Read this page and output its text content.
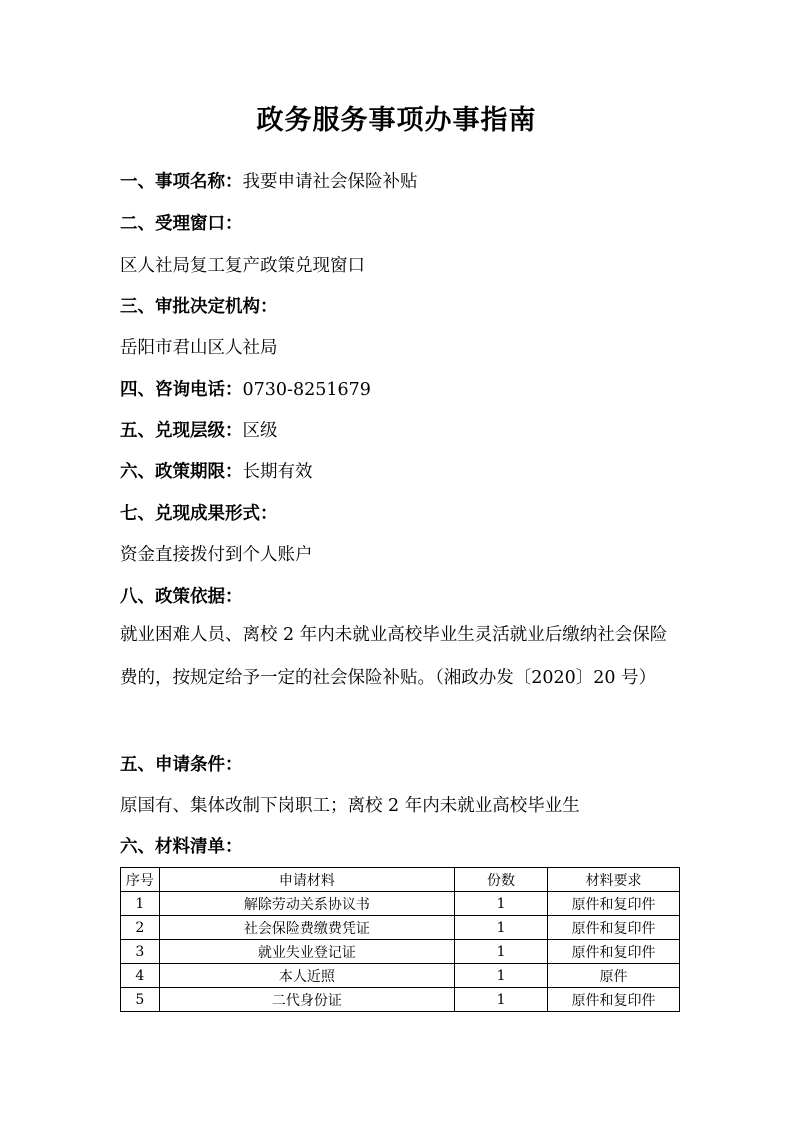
政务服务事项办事指南
一、事项名称：我要申请社会保险补贴
二、受理窗口：
区人社局复工复产政策兑现窗口
三、审批决定机构：
岳阳市君山区人社局
四、咨询电话：0730-8251679
五、兑现层级：区级
六、政策期限：长期有效
七、兑现成果形式：
资金直接拨付到个人账户
八、政策依据：
就业困难人员、离校 2 年内未就业高校毕业生灵活就业后缴纳社会保险费的，按规定给予一定的社会保险补贴。（湘政办发〔2020〕20 号）
五、申请条件：
原国有、集体改制下岗职工；离校 2 年内未就业高校毕业生
六、材料清单：
序号	申请材料	份数	材料要求
1	解除劳动关系协议书	1	原件和复印件
2	社会保险费缴费凭证	1	原件和复印件
3	就业失业登记证	1	原件和复印件
4	本人近照	1	原件
5	二代身份证	1	原件和复印件
